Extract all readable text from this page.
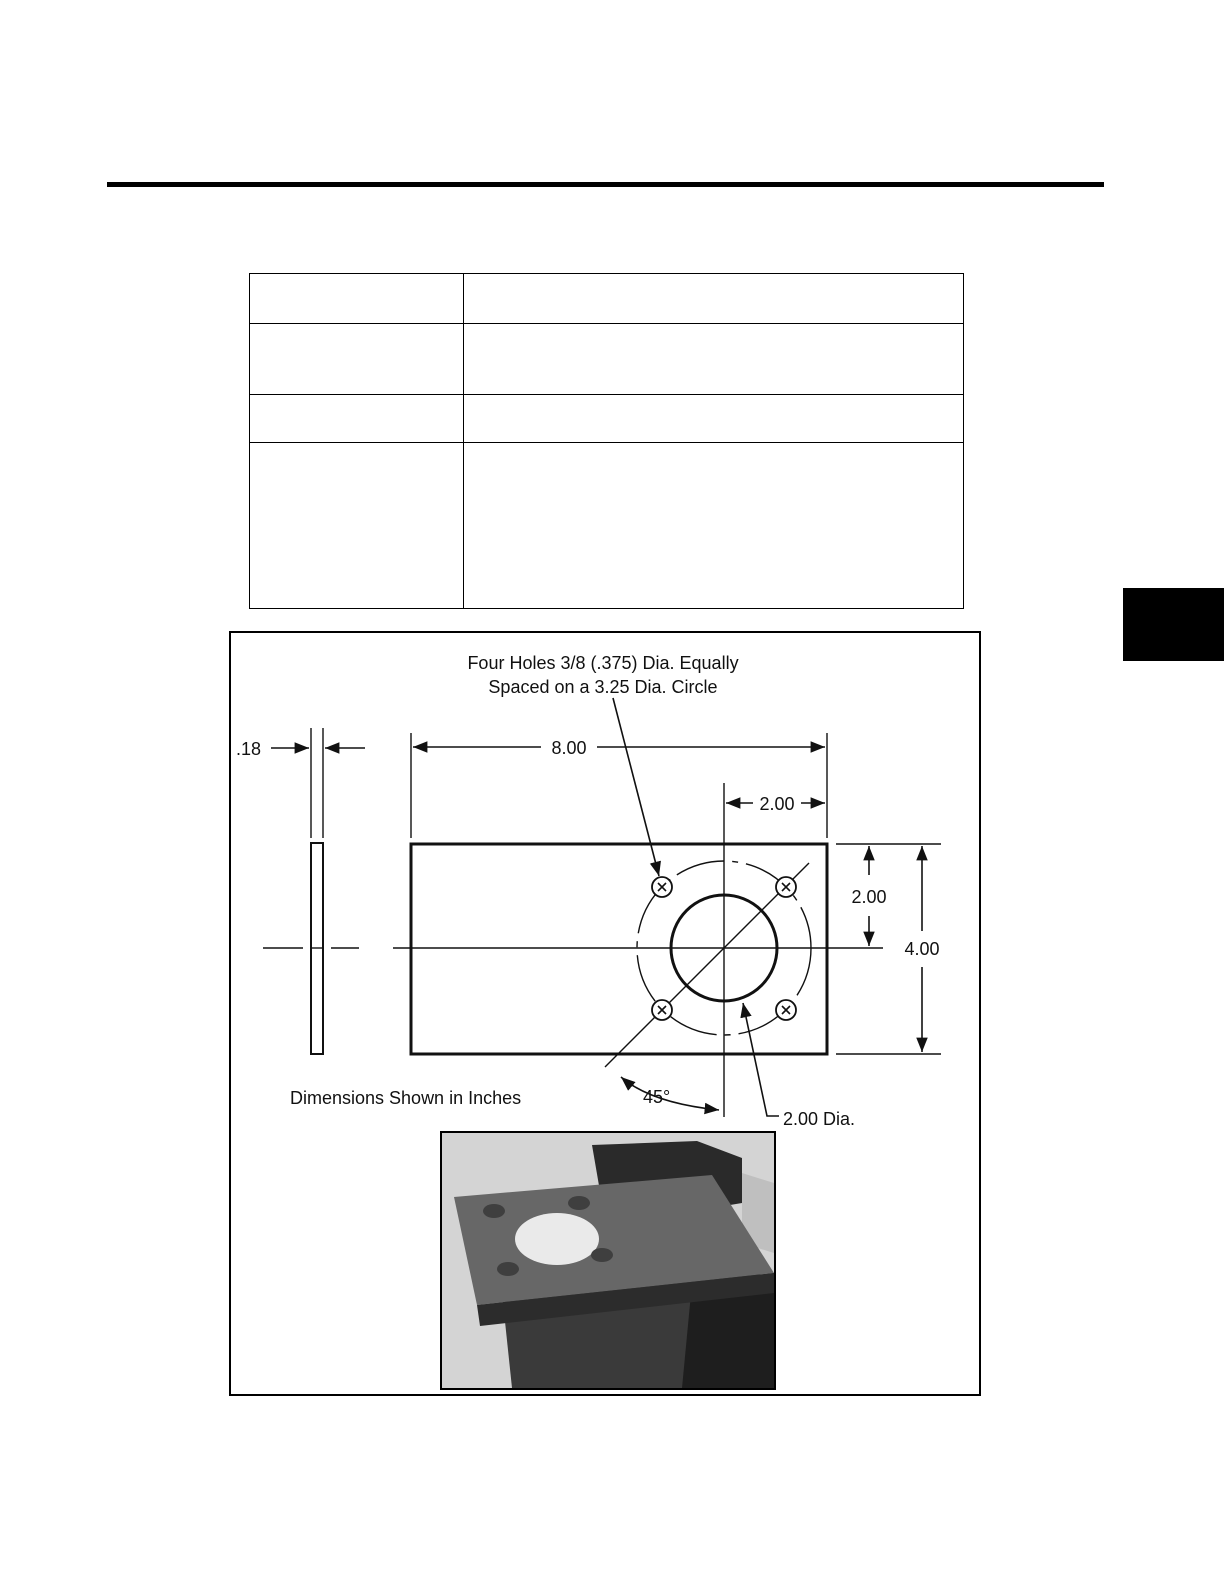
Four Holes 3/8 (.375) Dia. Equally
Spaced on a 3.25 Dia. Circle
.18	8.00
2.00
2.00
4.00
45°
2.00 Dia.
Dimensions Shown in Inches
